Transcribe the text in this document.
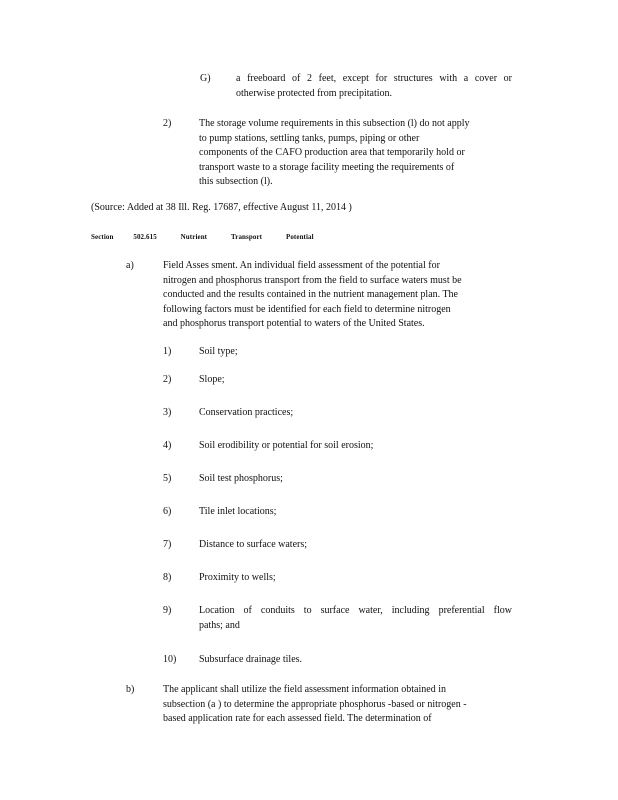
G)	a freeboard of 2 feet, except for structures with a cover or
otherwise protected from precipitation.
2)	The storage volume requirements in this subsection (l) do not apply
to pump stations, settling tanks, pumps, piping or other
components of the CAFO production area that temporarily hold or
transport waste to a storage facility meeting the requirements of
this subsection (l).
(Source: Added at 38 Ill. Reg. 17687, effective August 11, 2014 )
Section	502.615	Nutrient	Transport	Potential
a)	Field Asses sment. An individual field assessment of the potential for
nitrogen and phosphorus transport from the field to surface waters must be
conducted and the results contained in the nutrient management plan. The
following factors must be identified for each field to determine nitrogen
and phosphorus transport potential to waters of the United States.
1)	Soil type;
2)	Slope;
3)	Conservation practices;
4)	Soil erodibility or potential for soil erosion;
5)	Soil test phosphorus;
6)	Tile inlet locations;
7)	Distance to surface waters;
8)	Proximity to wells;
9)	Location of conduits to surface water, including preferential flow
paths; and
10) Subsurface drainage tiles.
b)	The applicant shall utilize the field assessment information obtained in
subsection (a ) to determine the appropriate phosphorus -based or nitrogen -
based application rate for each assessed field. The determination of
